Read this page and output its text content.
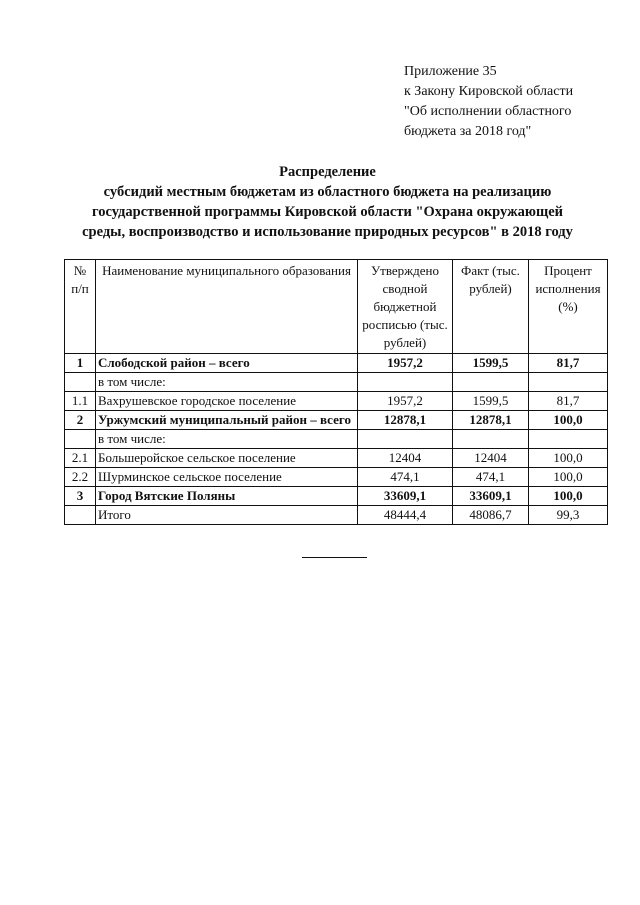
Приложение 35
к Закону Кировской области
"Об исполнении областного
бюджета за 2018 год"
Распределение
субсидий местным бюджетам из областного бюджета на реализацию
государственной программы Кировской области "Охрана окружающей
среды, воспроизводство и использование природных ресурсов" в 2018 году
№ п/п	Наименование муниципального образования	Утверждено сводной бюджетной росписью (тыс. рублей)	Факт (тыс. рублей)	Процент исполнения (%)
1	Слободской район – всего	1957,2	1599,5	81,7
	в том числе:			
1.1	Вахрушевское городское поселение	1957,2	1599,5	81,7
2	Уржумский муниципальный район – всего	12878,1	12878,1	100,0
	в том числе:			
2.1	Большеройское сельское поселение	12404	12404	100,0
2.2	Шурминское сельское поселение	474,1	474,1	100,0
3	Город Вятские Поляны	33609,1	33609,1	100,0
	Итого	48444,4	48086,7	99,3
